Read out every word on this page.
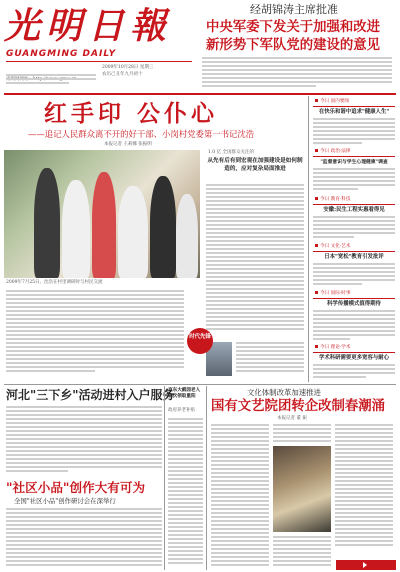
光明日報
GUANGMING DAILY
2009年10月28日 星期三
农历己丑年九月初十
经胡锦涛主席批准
中央军委下发关于加强和改进
新形势下军队党的建设的意见
红手印 公仆心
——追记人民群众离不开的好干部、小岗村党委第一书记沈浩
本报记者 王莉娜 张振明
2009年7月25日，沈浩在村里调研时与村民交流
1.0 亿 全国群众关注的
从先有后有到宏观在加强建设是如何制造的，应对复杂局面推进
时代先锋
今日 国内要闻
在快乐和谐中追求"健康人生"
今日 政治·法律
"监督意识与学生心理健康"调查
今日 教育·科技
安徽:民生工程实惠看得见
今日 文化·艺术
日本"宽松"教育引发批评
今日 国际·时事
科学传播模式值得期待
今日 理论·学术
学术科研需要更多宽容与耐心
河北"三下乡"活动进村入户服务
"社区小品"创作大有可为
全国"社区小品"创作研讨会在深举行
京东大鹤园老人首次领取重阳
政府养老补贴
文化体制改革加速推进
国有文艺院团转企改制春潮涌
本报记者 董 振
